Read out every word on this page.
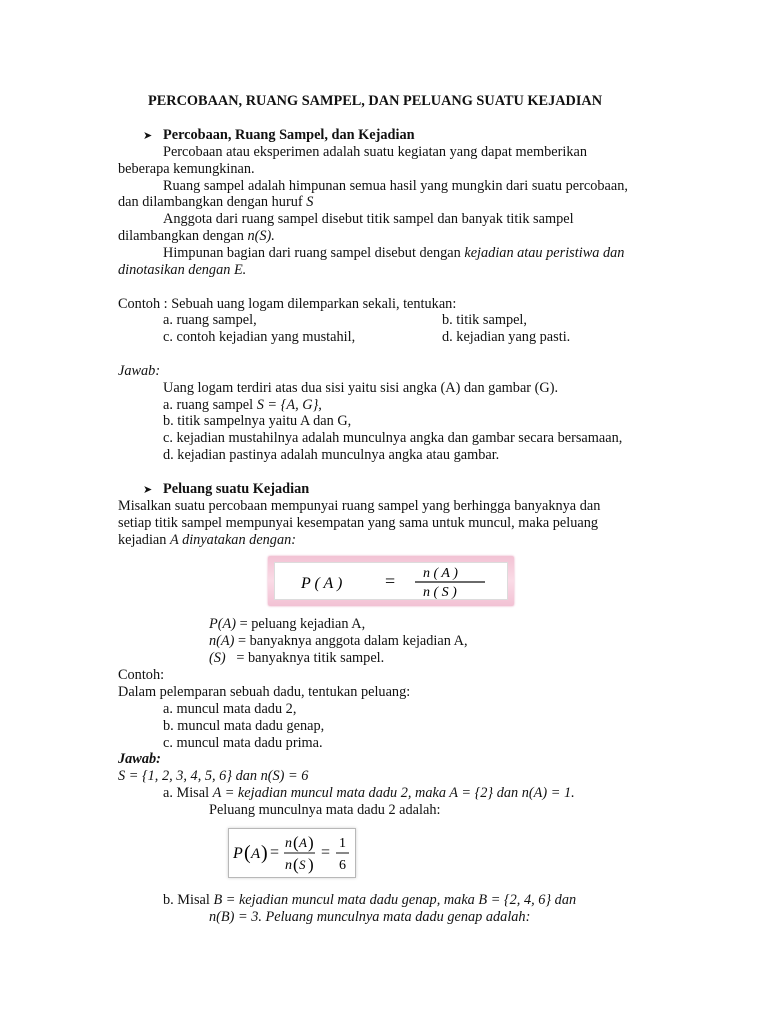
PERCOBAAN, RUANG SAMPEL, DAN PELUANG SUATU KEJADIAN
➤ Percobaan, Ruang Sampel, dan Kejadian
Percobaan atau eksperimen adalah suatu kegiatan yang dapat memberikan
beberapa kemungkinan.
Ruang sampel adalah himpunan semua hasil yang mungkin dari suatu percobaan,
dan dilambangkan dengan huruf S
Anggota dari ruang sampel disebut titik sampel dan banyak titik sampel
dilambangkan dengan n(S).
Himpunan bagian dari ruang sampel disebut dengan kejadian atau peristiwa dan
dinotasikan dengan E.
Contoh : Sebuah uang logam dilemparkan sekali, tentukan:
a. ruang sampel,	b. titik sampel,
c. contoh kejadian yang mustahil,	d. kejadian yang pasti.
Jawab:
Uang logam terdiri atas dua sisi yaitu sisi angka (A) dan gambar (G).
a. ruang sampel S = {A, G},
b. titik sampelnya yaitu A dan G,
c. kejadian mustahilnya adalah munculnya angka dan gambar secara bersamaan,
d. kejadian pastinya adalah munculnya angka atau gambar.
➤ Peluang suatu Kejadian
Misalkan suatu percobaan mempunyai ruang sampel yang berhingga banyaknya dan
setiap titik sampel mempunyai kesempatan yang sama untuk muncul, maka peluang
kejadian A dinyatakan dengan:
P ( A ) = n ( A )
n ( S )
P(A) = peluang kejadian A,
n(A) = banyaknya anggota dalam kejadian A,
(S)   = banyaknya titik sampel.
Contoh:
Dalam pelemparan sebuah dadu, tentukan peluang:
a. muncul mata dadu 2,
b. muncul mata dadu genap,
c. muncul mata dadu prima.
Jawab:
S = {1, 2, 3, 4, 5, 6} dan n(S) = 6
a. Misal A = kejadian muncul mata dadu 2, maka A = {2} dan n(A) = 1.
Peluang munculnya mata dadu 2 adalah:
P ( A ) =
n ( A )
n ( S )
=
1
6
b. Misal B = kejadian muncul mata dadu genap, maka B = {2, 4, 6} dan
n(B) = 3. Peluang munculnya mata dadu genap adalah:
